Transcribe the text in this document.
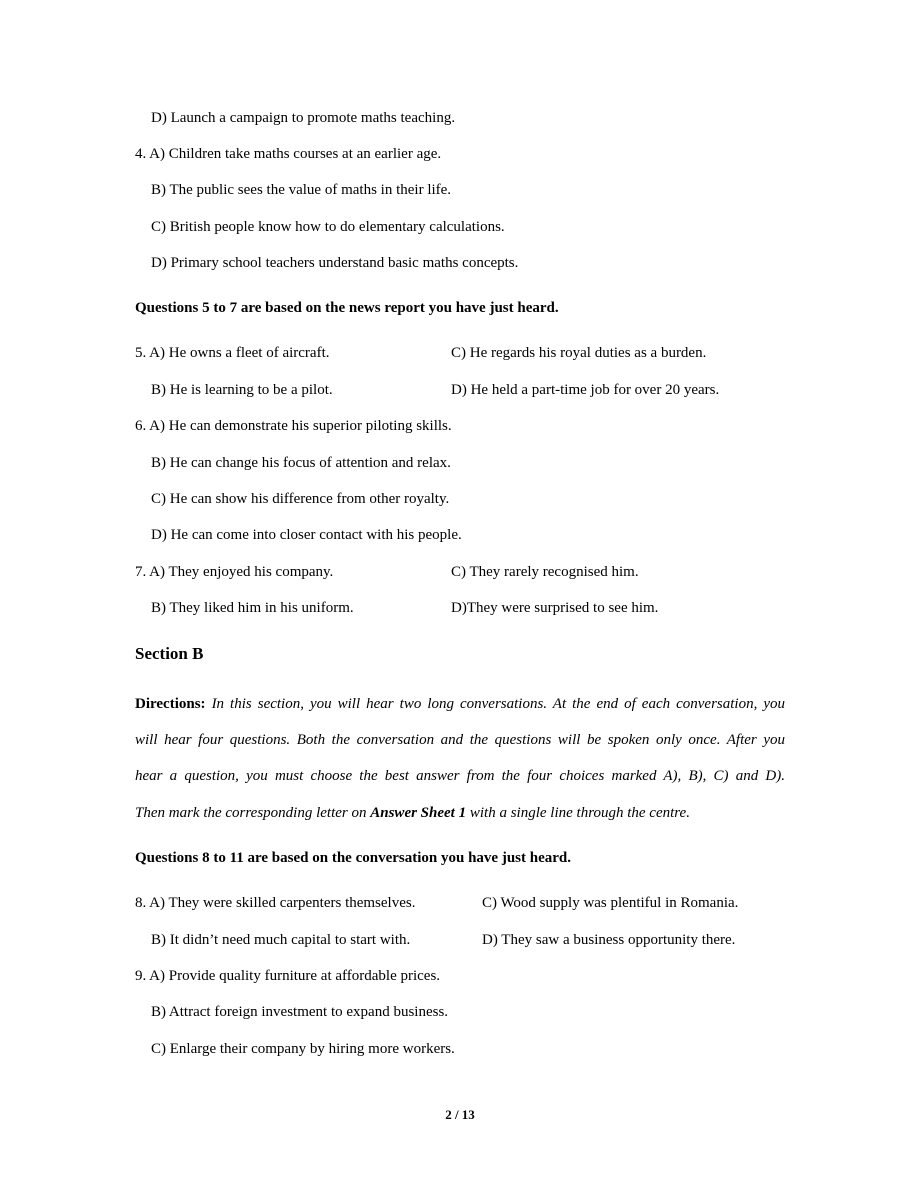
D) Launch a campaign to promote maths teaching.
4. A) Children take maths courses at an earlier age.
B) The public sees the value of maths in their life.
C) British people know how to do elementary calculations.
D) Primary school teachers understand basic maths concepts.
Questions 5 to 7 are based on the news report you have just heard.
5. A) He owns a fleet of aircraft.	C) He regards his royal duties as a burden.
B) He is learning to be a pilot.	D) He held a part-time job for over 20 years.
6. A) He can demonstrate his superior piloting skills.
B) He can change his focus of attention and relax.
C) He can show his difference from other royalty.
D) He can come into closer contact with his people.
7. A) They enjoyed his company.	C) They rarely recognised him.
B) They liked him in his uniform.	D)They were surprised to see him.
Section B
Directions: In this section, you will hear two long conversations. At the end of each conversation, you
will hear four questions. Both the conversation and the questions will be spoken only once. After you
hear a question, you must choose the best answer from the four choices marked A), B), C) and D).
Then mark the corresponding letter on Answer Sheet 1 with a single line through the centre.
Questions 8 to 11 are based on the conversation you have just heard.
8. A) They were skilled carpenters themselves.	C) Wood supply was plentiful in Romania.
B) It didn’t need much capital to start with.	D) They saw a business opportunity there.
9. A) Provide quality furniture at affordable prices.
B) Attract foreign investment to expand business.
C) Enlarge their company by hiring more workers.
2 / 13
